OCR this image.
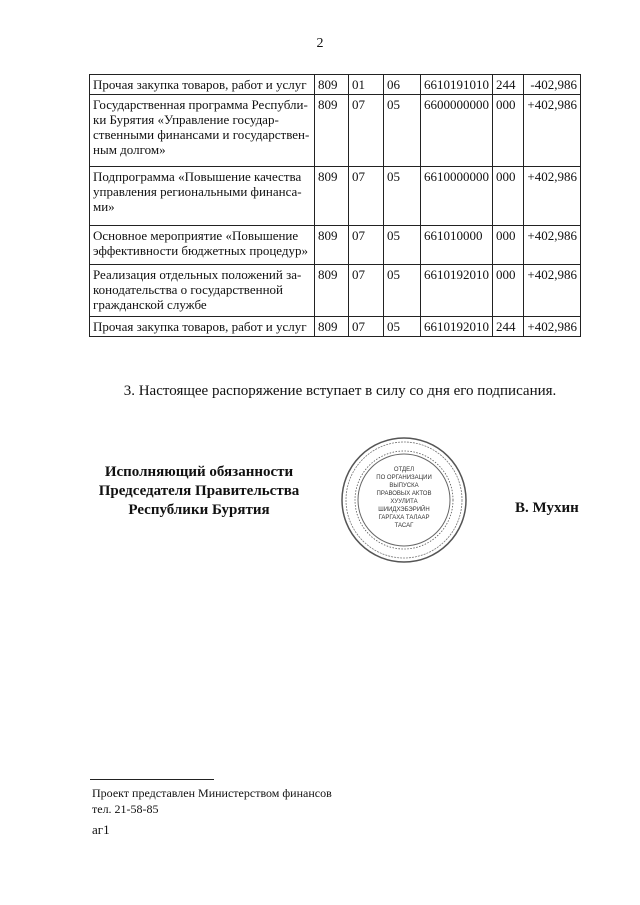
2
Прочая закупка товаров, работ и услуг	809	01	06	6610191010	244	-402,986

Государственная программа Республи-
ки Бурятия «Управление государ-
ственными финансами и государствен-
ным долгом»	809	07	05	6600000000	000	+402,986

Подпрограмма «Повышение качества
управления региональными финанса-
ми»	809	07	05	6610000000	000	+402,986

Основное мероприятие «Повышение
эффективности бюджетных процедур»	809	07	05	661010000	000	+402,986

Реализация отдельных положений за-
конодательства о государственной
гражданской службе	809	07	05	6610192010	000	+402,986

Прочая закупка товаров, работ и услуг	809	07	05	6610192010	244	+402,986
3. Настоящее распоряжение вступает в силу со дня его подписания.
Исполняющий обязанности
Председателя Правительства
Республики Бурятия
ОТДЕЛ
ПО ОРГАНИЗАЦИИ
ВЫПУСКА
ПРАВОВЫХ АКТОВ
ХУУЛИТА
ШИИДХЭБЭРИЙН
ГАРГАХА ТАЛААР
ТАСАГ
В. Мухин
Проект представлен Министерством финансов
тел. 21-58-85
аг1
